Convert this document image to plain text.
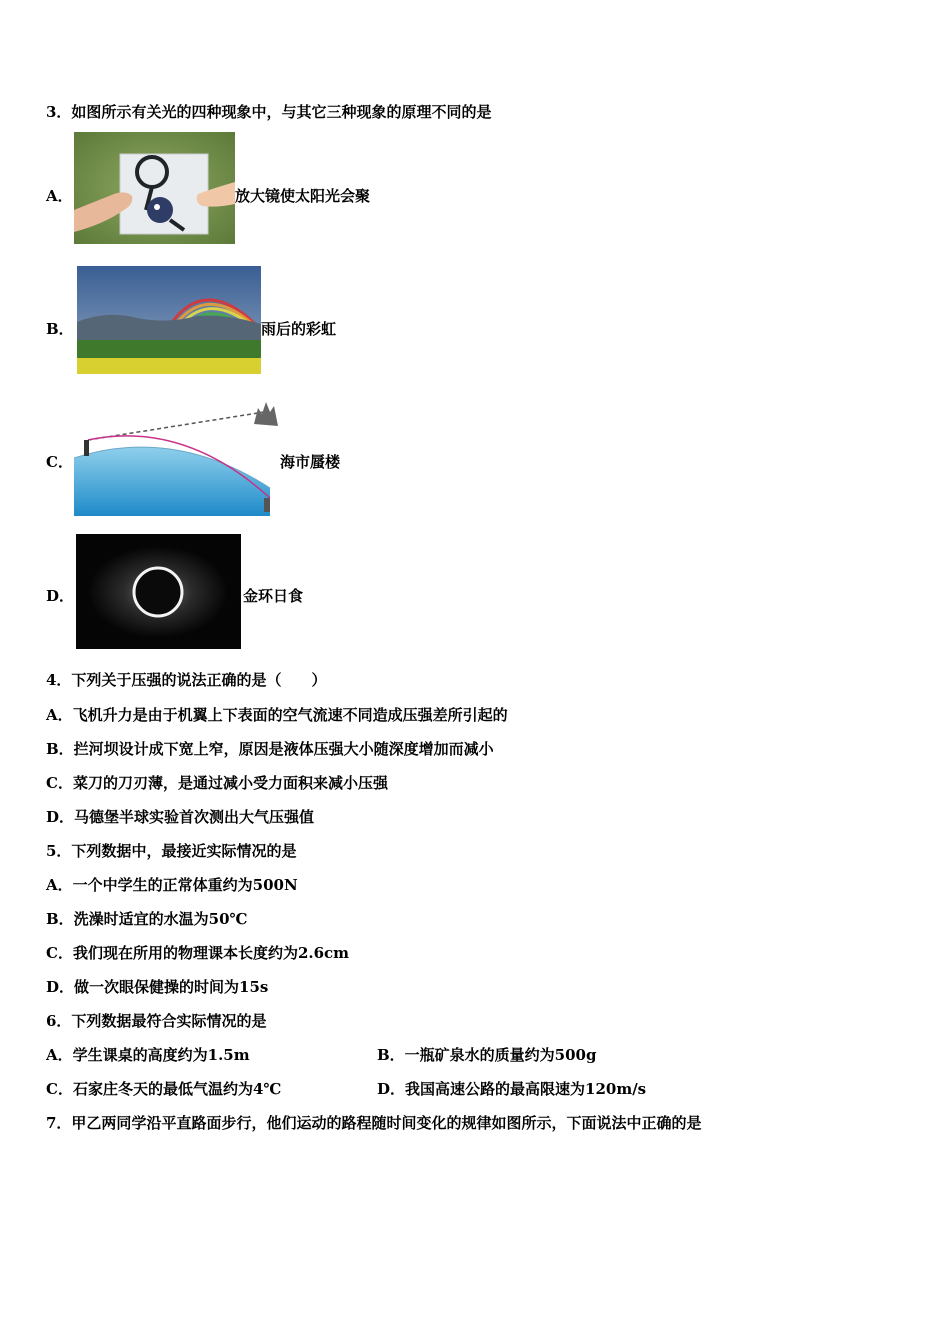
3．如图所示有关光的四种现象中，与其它三种现象的原理不同的是
A．	放大镜使太阳光会聚
B．	雨后的彩虹
C．	海市蜃楼
D．	金环日食
4．下列关于压强的说法正确的是（　　）
A．飞机升力是由于机翼上下表面的空气流速不同造成压强差所引起的
B．拦河坝设计成下宽上窄，原因是液体压强大小随深度增加而减小
C．菜刀的刀刃薄，是通过减小受力面积来减小压强
D．马德堡半球实验首次测出大气压强值
5．下列数据中，最接近实际情况的是
A．一个中学生的正常体重约为500N
B．洗澡时适宜的水温为50℃
C．我们现在所用的物理课本长度约为2.6cm
D．做一次眼保健操的时间为15s
6．下列数据最符合实际情况的是
A．学生课桌的高度约为1.5m	B．一瓶矿泉水的质量约为500g
C．石家庄冬天的最低气温约为4℃	D．我国高速公路的最高限速为120m/s
7．甲乙两同学沿平直路面步行，他们运动的路程随时间变化的规律如图所示，下面说法中正确的是
